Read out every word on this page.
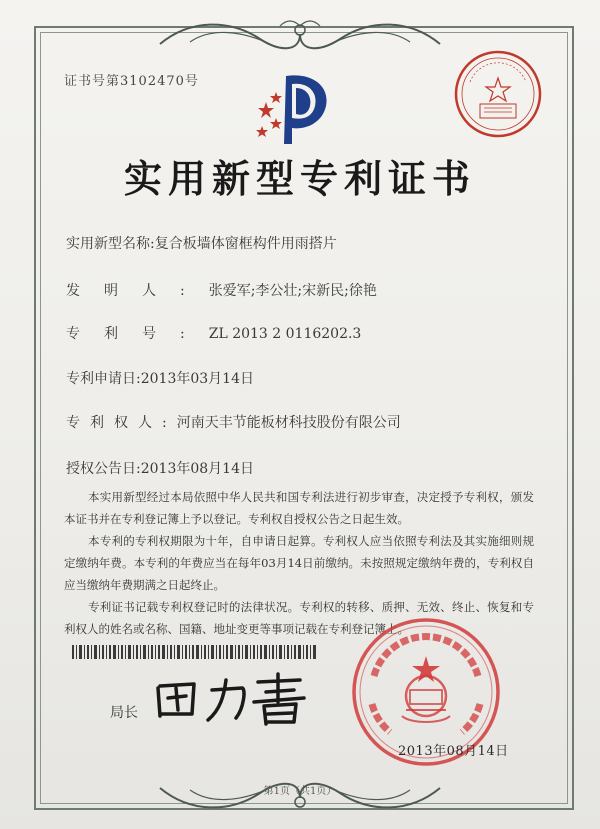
证书号第3102470号
实用新型专利证书
实用新型名称:复合板墙体窗框构件用雨搭片
发明人:张爱军;李公壮;宋新民;徐艳
专利号:ZL 2013 2 0116202.3
专利申请日:2013年03月14日
专利权人:河南天丰节能板材科技股份有限公司
授权公告日:2013年08月14日
本实用新型经过本局依照中华人民共和国专利法进行初步审查，决定授予专利权，颁发本证书并在专利登记簿上予以登记。专利权自授权公告之日起生效。
本专利的专利权期限为十年，自申请日起算。专利权人应当依照专利法及其实施细则规定缴纳年费。本专利的年费应当在每年03月14日前缴纳。未按照规定缴纳年费的，专利权自应当缴纳年费期满之日起终止。
专利证书记载专利权登记时的法律状况。专利权的转移、质押、无效、终止、恢复和专利权人的姓名或名称、国籍、地址变更等事项记载在专利登记簿上。
局长
2013年08月14日
第1页（共1页）
